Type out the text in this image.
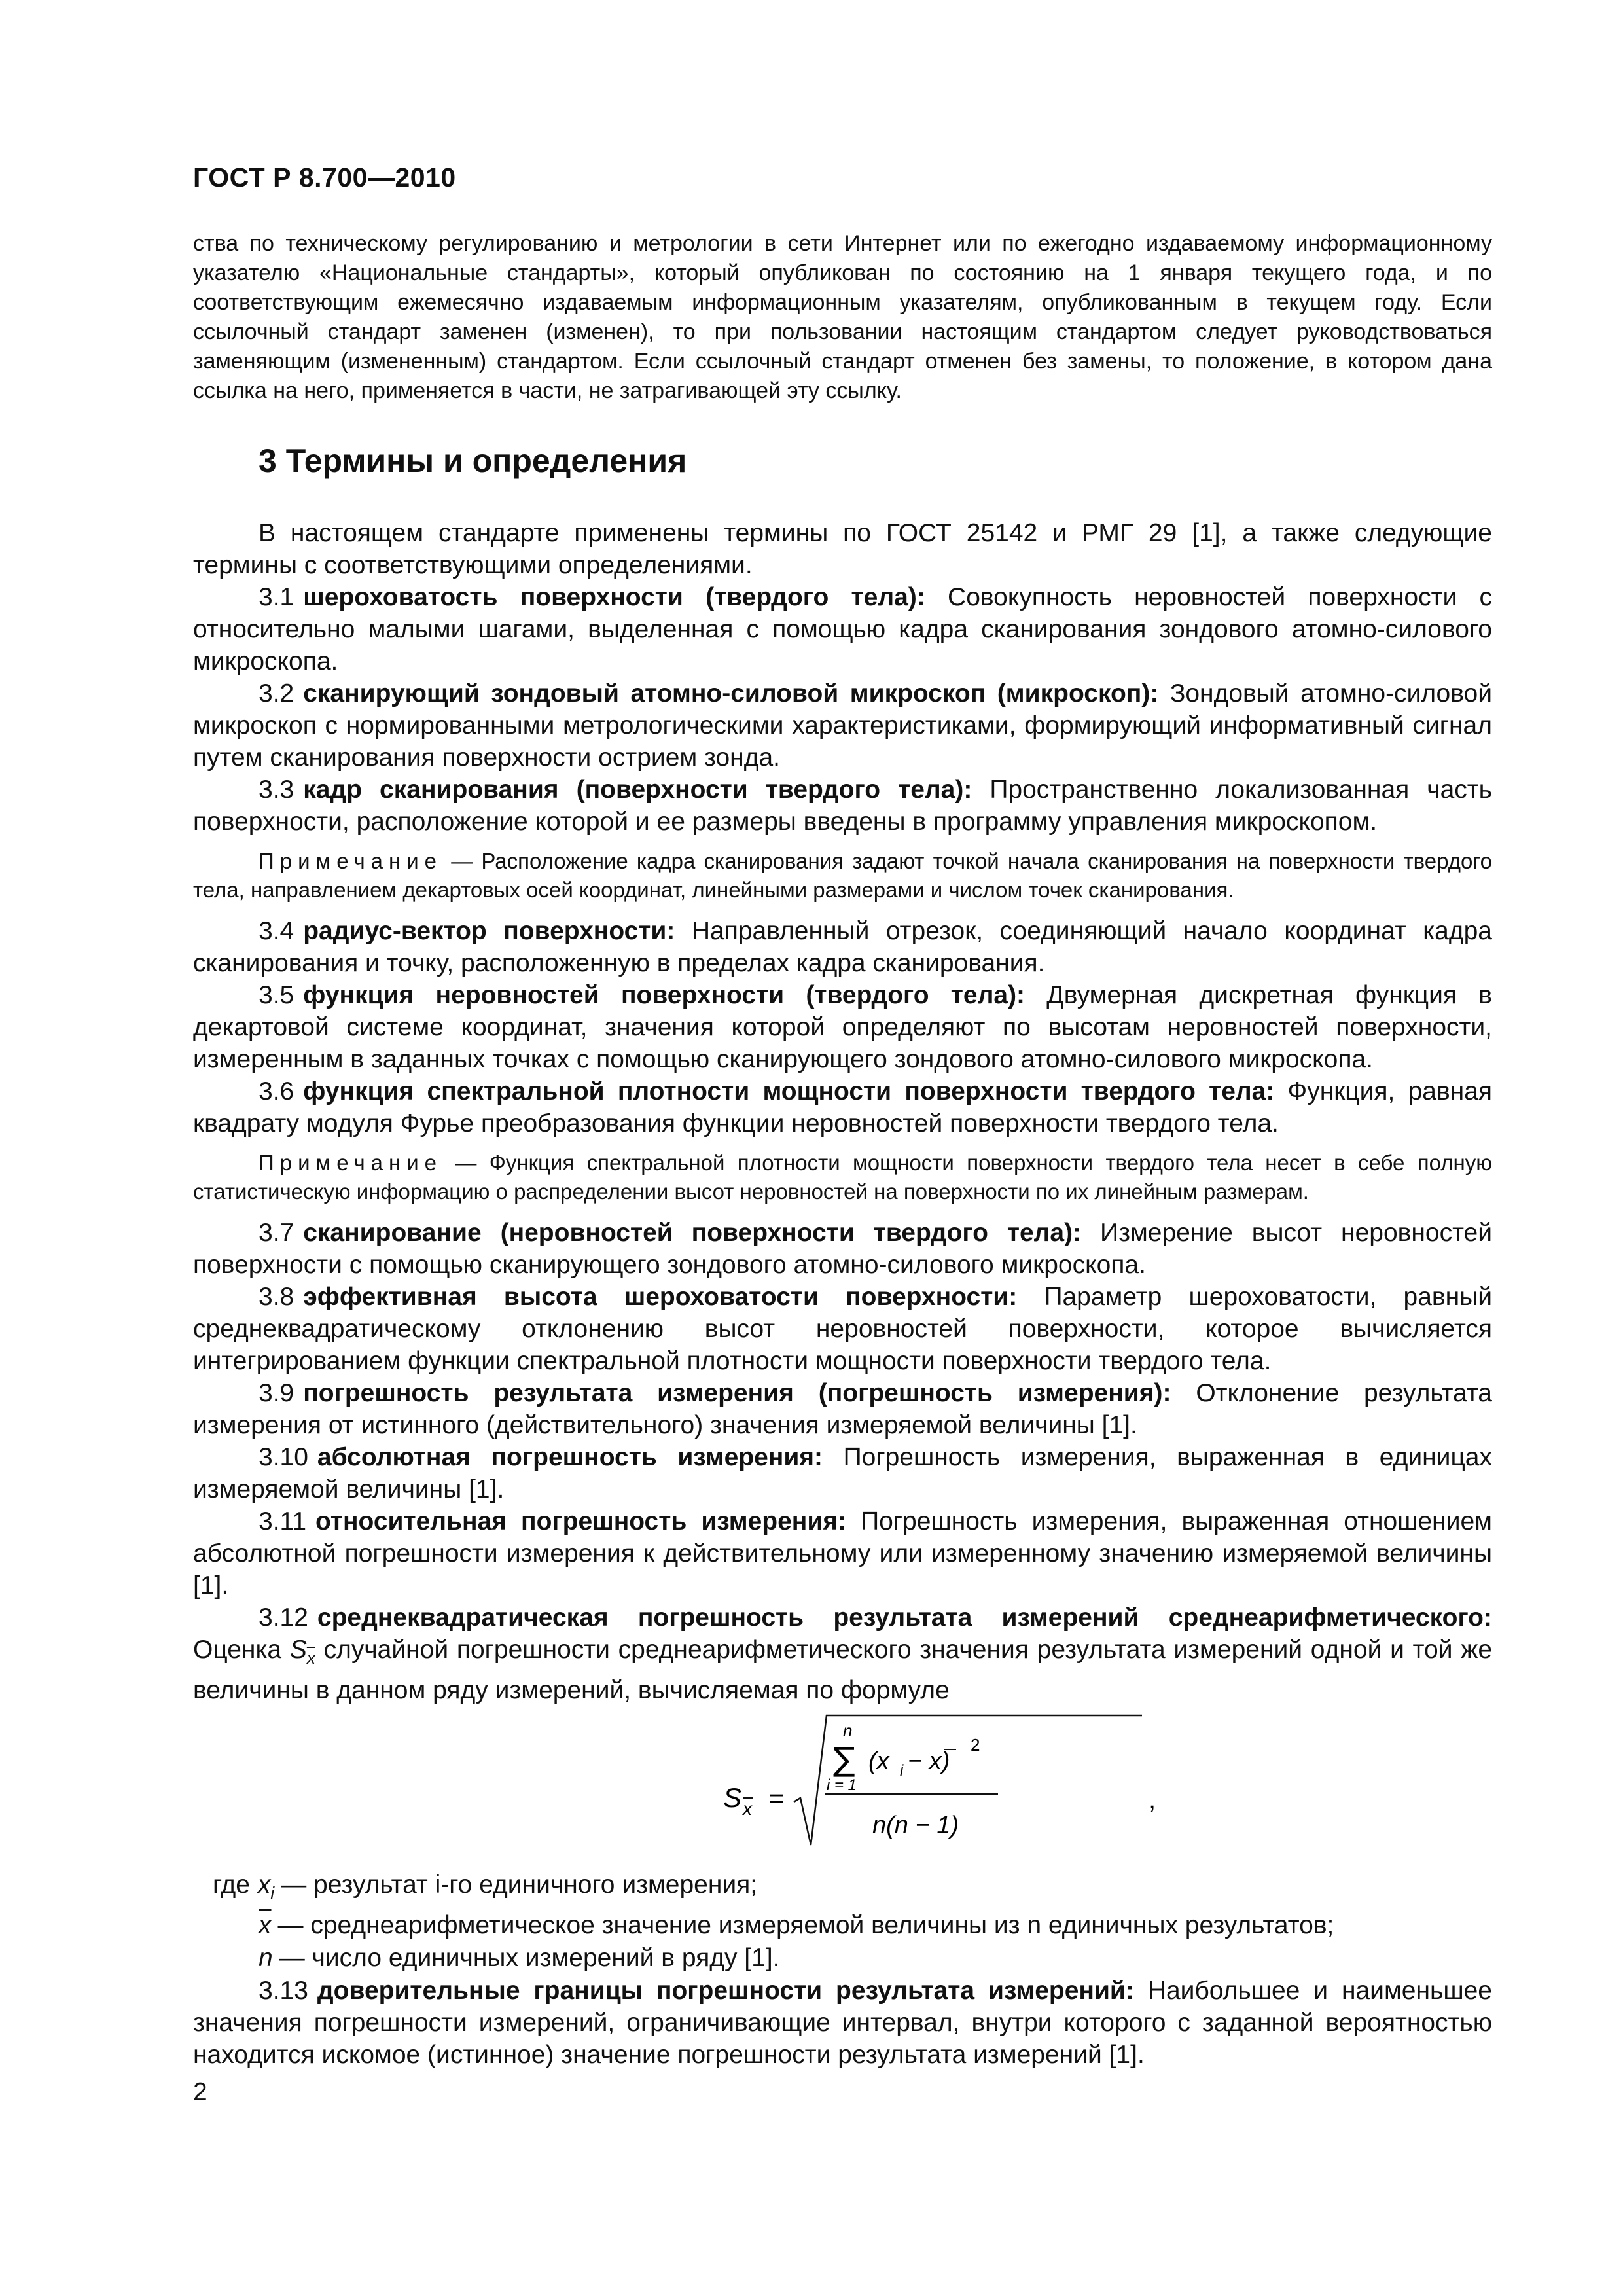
ГОСТ Р 8.700—2010

ства по техническому регулированию и метрологии в сети Интернет или по ежегодно издаваемому информационному указателю «Национальные стандарты», который опубликован по состоянию на 1 января текущего года, и по соответствующим ежемесячно издаваемым информационным указателям, опубликованным в текущем году. Если ссылочный стандарт заменен (изменен), то при пользовании настоящим стандартом следует руководствоваться заменяющим (измененным) стандартом. Если ссылочный стандарт отменен без замены, то положение, в котором дана ссылка на него, применяется в части, не затрагивающей эту ссылку.

3 Термины и определения

В настоящем стандарте применены термины по ГОСТ 25142 и РМГ 29 [1], а также следующие термины с соответствующими определениями.

3.1 шероховатость поверхности (твердого тела): Совокупность неровностей поверхности с относительно малыми шагами, выделенная с помощью кадра сканирования зондового атомно-силового микроскопа.

3.2 сканирующий зондовый атомно-силовой микроскоп (микроскоп): Зондовый атомно-силовой микроскоп с нормированными метрологическими характеристиками, формирующий информативный сигнал путем сканирования поверхности острием зонда.

3.3 кадр сканирования (поверхности твердого тела): Пространственно локализованная часть поверхности, расположение которой и ее размеры введены в программу управления микроскопом.

Примечание — Расположение кадра сканирования задают точкой начала сканирования на поверхности твердого тела, направлением декартовых осей координат, линейными размерами и числом точек сканирования.

3.4 радиус-вектор поверхности: Направленный отрезок, соединяющий начало координат кадра сканирования и точку, расположенную в пределах кадра сканирования.

3.5 функция неровностей поверхности (твердого тела): Двумерная дискретная функция в декартовой системе координат, значения которой определяют по высотам неровностей поверхности, измеренным в заданных точках с помощью сканирующего зондового атомно-силового микроскопа.

3.6 функция спектральной плотности мощности поверхности твердого тела: Функция, равная квадрату модуля Фурье преобразования функции неровностей поверхности твердого тела.

Примечание — Функция спектральной плотности мощности поверхности твердого тела несет в себе полную статистическую информацию о распределении высот неровностей на поверхности по их линейным размерам.

3.7 сканирование (неровностей поверхности твердого тела): Измерение высот неровностей поверхности с помощью сканирующего зондового атомно-силового микроскопа.

3.8 эффективная высота шероховатости поверхности: Параметр шероховатости, равный среднеквадратическому отклонению высот неровностей поверхности, которое вычисляется интегрированием функции спектральной плотности мощности поверхности твердого тела.

3.9 погрешность результата измерения (погрешность измерения): Отклонение результата измерения от истинного (действительного) значения измеряемой величины [1].

3.10 абсолютная погрешность измерения: Погрешность измерения, выраженная в единицах измеряемой величины [1].

3.11 относительная погрешность измерения: Погрешность измерения, выраженная отношением абсолютной погрешности измерения к действительному или измеренному значению измеряемой величины [1].

3.12 среднеквадратическая погрешность результата измерений среднеарифметического: Оценка $S_{\overline{x}}$ случайной погрешности среднеарифметического значения результата измерений одной и той же величины в данном ряду измерений, вычисляемая по формуле

S x =
n
∑
i = 1
(x i − x)
2
n(n − 1)
,
где $x_i$ — результат i-го единичного измерения;
$\overline{x}$ — среднеарифметическое значение измеряемой величины из n единичных результатов;
n — число единичных измерений в ряду [1].

3.13 доверительные границы погрешности результата измерений: Наибольшее и наименьшее значения погрешности измерений, ограничивающие интервал, внутри которого с заданной вероятностью находится искомое (истинное) значение погрешности результата измерений [1].

2
